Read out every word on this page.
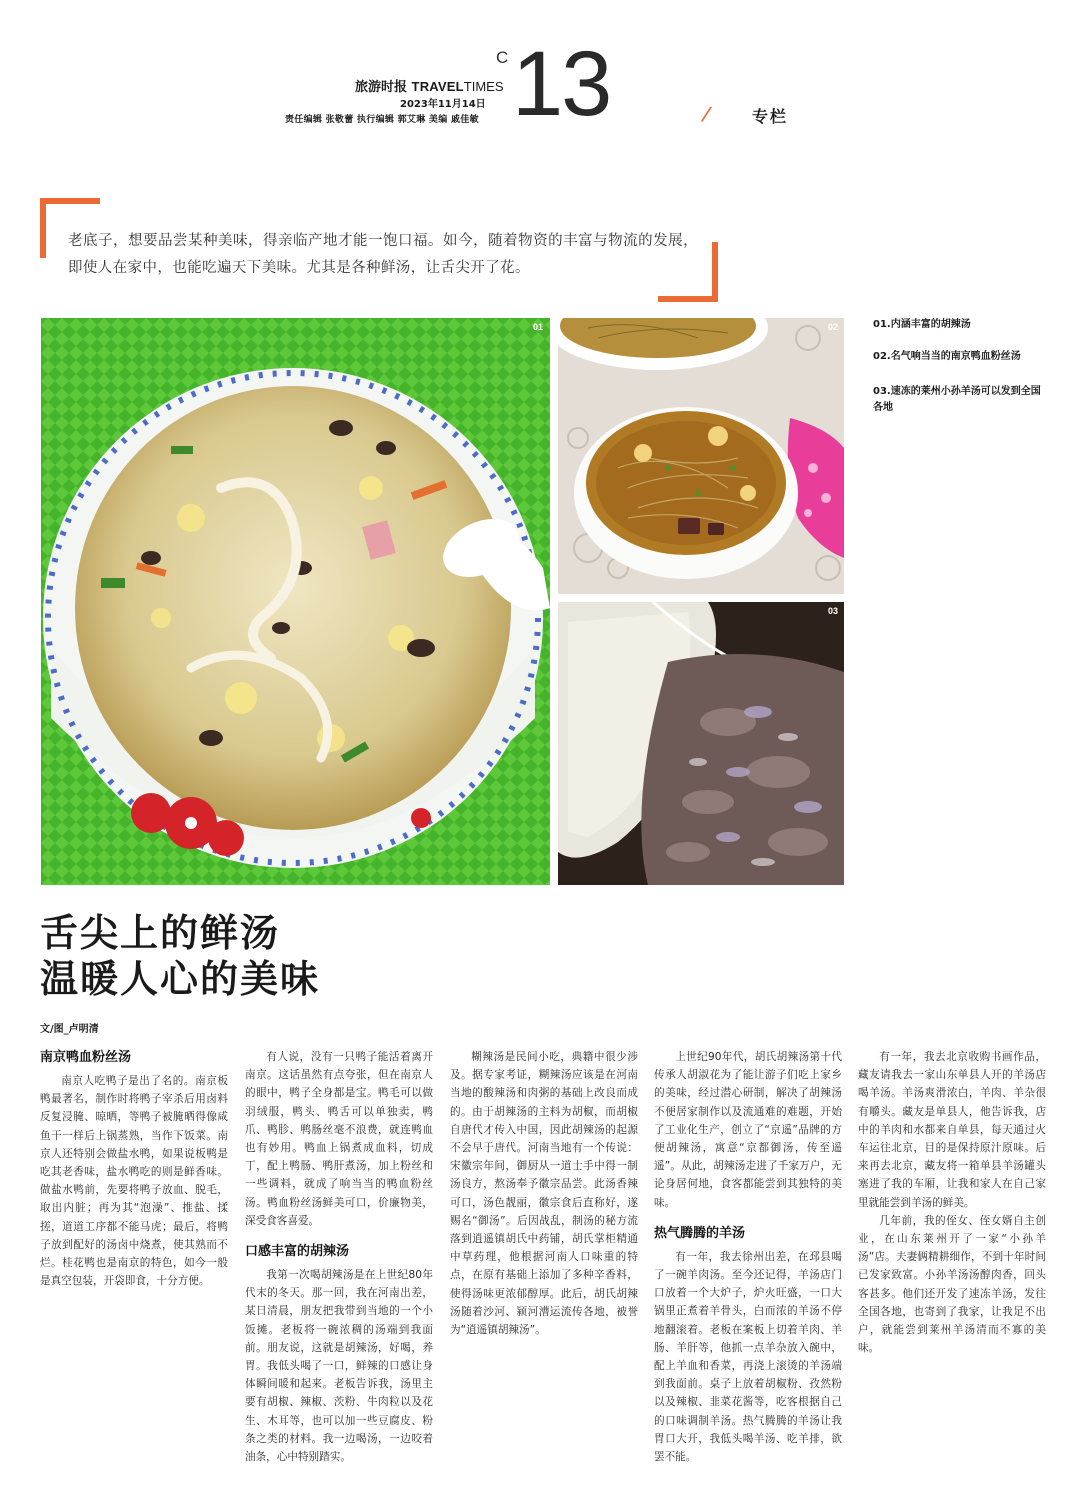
旅游时报 TRAVELTIMES
2023年11月14日
责任编辑 张敬蕾 执行编辑 郭艾琳 美编 戚佳敏
C 13	/ 专栏
老底子，想要品尝某种美味，得亲临产地才能一饱口福。如今，随着物资的丰富与物流的发展，即使人在家中，也能吃遍天下美味。尤其是各种鲜汤，让舌尖开了花。
01	02
03
01.内涵丰富的胡辣汤
02.名气响当当的南京鸭血粉丝汤
03.速冻的莱州小孙羊汤可以发到全国各地
舌尖上的鲜汤
温暖人心的美味
文/图_卢明清
南京鸭血粉丝汤

南京人吃鸭子是出了名的。南京板鸭最著名，制作时将鸭子宰杀后用卤料反复浸腌、晾晒，等鸭子被腌晒得像咸鱼干一样后上锅蒸熟，当作下饭菜。南京人还特别会做盐水鸭，如果说板鸭是吃其老香味，盐水鸭吃的则是鲜香味。做盐水鸭前，先要将鸭子放血、脱毛，取出内脏；再为其“泡澡”、推盐、揉搓，道道工序都不能马虎；最后，将鸭子放到配好的汤卤中烧煮，使其熟而不烂。桂花鸭也是南京的特色，如今一般是真空包装，开袋即食，十分方便。

有人说，没有一只鸭子能活着离开南京。这话虽然有点夸张，但在南京人的眼中，鸭子全身都是宝。鸭毛可以做羽绒服，鸭头、鸭舌可以单独卖，鸭爪、鸭胗、鸭肠丝毫不浪费，就连鸭血也有妙用。鸭血上锅煮成血料，切成丁，配上鸭肠、鸭肝煮汤，加上粉丝和一些调料，就成了响当当的鸭血粉丝汤。鸭血粉丝汤鲜美可口，价廉物美，深受食客喜爱。

口感丰富的胡辣汤

我第一次喝胡辣汤是在上世纪80年代末的冬天。那一回，我在河南出差，某日清晨，朋友把我带到当地的一个小饭摊。老板将一碗浓稠的汤端到我面前。朋友说，这就是胡辣汤，好喝，养胃。我低头喝了一口，鲜辣的口感让身体瞬间暖和起来。老板告诉我，汤里主要有胡椒、辣椒、茨粉、牛肉粒以及花生、木耳等，也可以加一些豆腐皮、粉条之类的材料。我一边喝汤，一边咬着油条，心中特别踏实。

糊辣汤是民间小吃，典籍中很少涉及。据专家考证，糊辣汤应该是在河南当地的酸辣汤和肉粥的基础上改良而成的。由于胡辣汤的主料为胡椒，而胡椒自唐代才传入中国，因此胡辣汤的起源不会早于唐代。河南当地有一个传说：宋徽宗年间，御厨从一道士手中得一制汤良方，熬汤奉予徽宗品尝。此汤香辣可口，汤色靓丽，徽宗食后直称好，遂赐名“御汤”。后因战乱，制汤的秘方流落到逍遥镇胡氏中药铺，胡氏掌柜精通中草药理，他根据河南人口味重的特点，在原有基础上添加了多种辛香料，使得汤味更浓郁醇厚。此后，胡氏胡辣汤随着沙河、颍河漕运流传各地，被誉为“逍遥镇胡辣汤”。

上世纪90年代，胡氏胡辣汤第十代传承人胡淑花为了能让游子们吃上家乡的美味，经过潜心研制，解决了胡辣汤不便居家制作以及流通难的难题，开始了工业化生产，创立了“京遥”品牌的方便胡辣汤，寓意“京都御汤，传至遥遥”。从此，胡辣汤走进了千家万户，无论身居何地，食客都能尝到其独特的美味。

热气腾腾的羊汤

有一年，我去徐州出差，在邳县喝了一碗羊肉汤。至今还记得，羊汤店门口放着一个大炉子，炉火旺盛，一口大锅里正煮着羊骨头，白而浓的羊汤不停地翻滚着。老板在案板上切着羊肉、羊肠、羊肝等，他抓一点羊杂放入碗中，配上羊血和香菜，再浇上滚烫的羊汤端到我面前。桌子上放着胡椒粉、孜然粉以及辣椒、韭菜花酱等，吃客根据自己的口味调制羊汤。热气腾腾的羊汤让我胃口大开，我低头喝羊汤、吃羊排，欲罢不能。

有一年，我去北京收购书画作品，藏友请我去一家山东单县人开的羊汤店喝羊汤。羊汤爽滑浓白，羊肉、羊杂很有嚼头。藏友是单县人，他告诉我，店中的羊肉和水都来自单县，每天通过火车运往北京，目的是保持原汁原味。后来再去北京，藏友将一箱单县羊汤罐头塞进了我的车厢，让我和家人在自己家里就能尝到羊汤的鲜美。

几年前，我的侄女、侄女婿自主创业，在山东莱州开了一家“小孙羊汤”店。夫妻俩精耕细作，不到十年时间已发家致富。小孙羊汤汤醇肉香，回头客甚多。他们还开发了速冻羊汤，发往全国各地，也寄到了我家，让我足不出户，就能尝到莱州羊汤清而不寡的美味。
